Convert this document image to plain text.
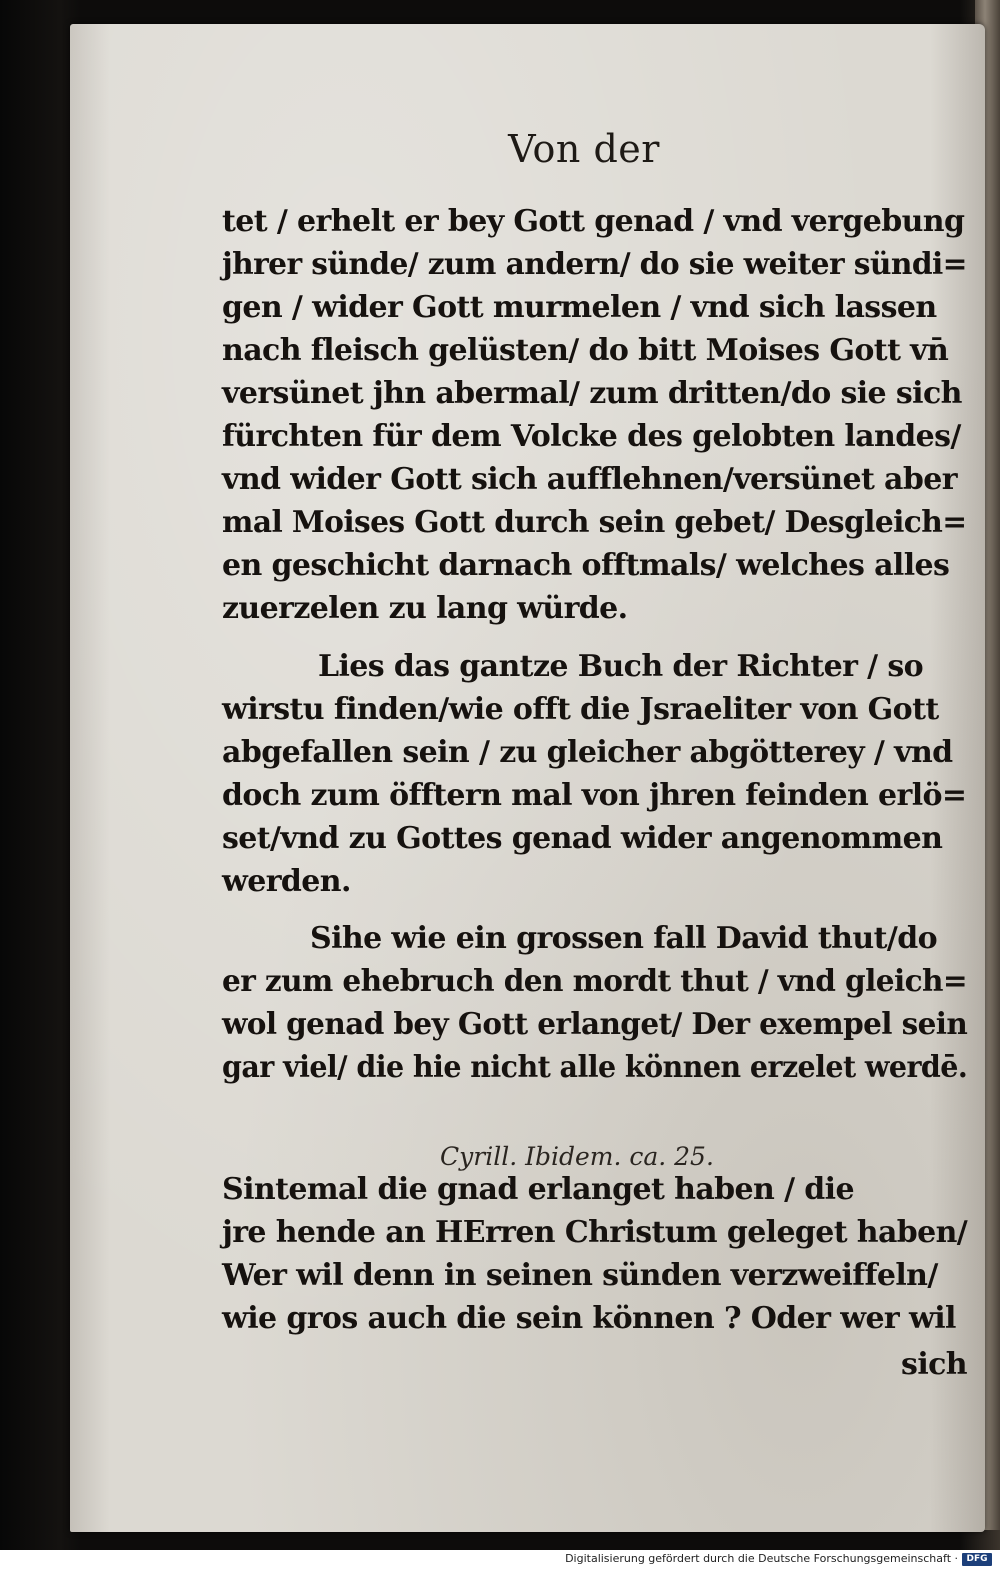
Von der
tet / erhelt er bey Gott genad / vnd vergebung
jhrer sünde/ zum andern/ do sie weiter sündi=
gen / wider Gott murmelen / vnd sich lassen
nach fleisch gelüsten/ do bitt Moises Gott vn̄
versünet jhn abermal/ zum dritten/do sie sich
fürchten für dem Volcke des gelobten landes/
vnd wider Gott sich aufflehnen/versünet aber
mal Moises Gott durch sein gebet/ Desgleich=
en geschicht darnach offtmals/ welches alles
zuerzelen zu lang würde.
Lies das gantze Buch der Richter / so
wirstu finden/wie offt die Jsraeliter von Gott
abgefallen sein / zu gleicher abgötterey / vnd
doch zum öfftern mal von jhren feinden erlö=
set/vnd zu Gottes genad wider angenommen
werden.
Sihe wie ein grossen fall David thut/do
er zum ehebruch den mordt thut / vnd gleich=
wol genad bey Gott erlanget/ Der exempel sein
gar viel/ die hie nicht alle können erzelet werdē.
Sintemal die gnad erlanget haben / die
jre hende an HErren Christum geleget haben/
Wer wil denn in seinen sünden verzweiffeln/
wie gros auch die sein können ? Oder wer wil
sich
Cyrill. Ibidem. ca. 25.
Digitalisierung gefördert durch die Deutsche Forschungsgemeinschaft · DFG
